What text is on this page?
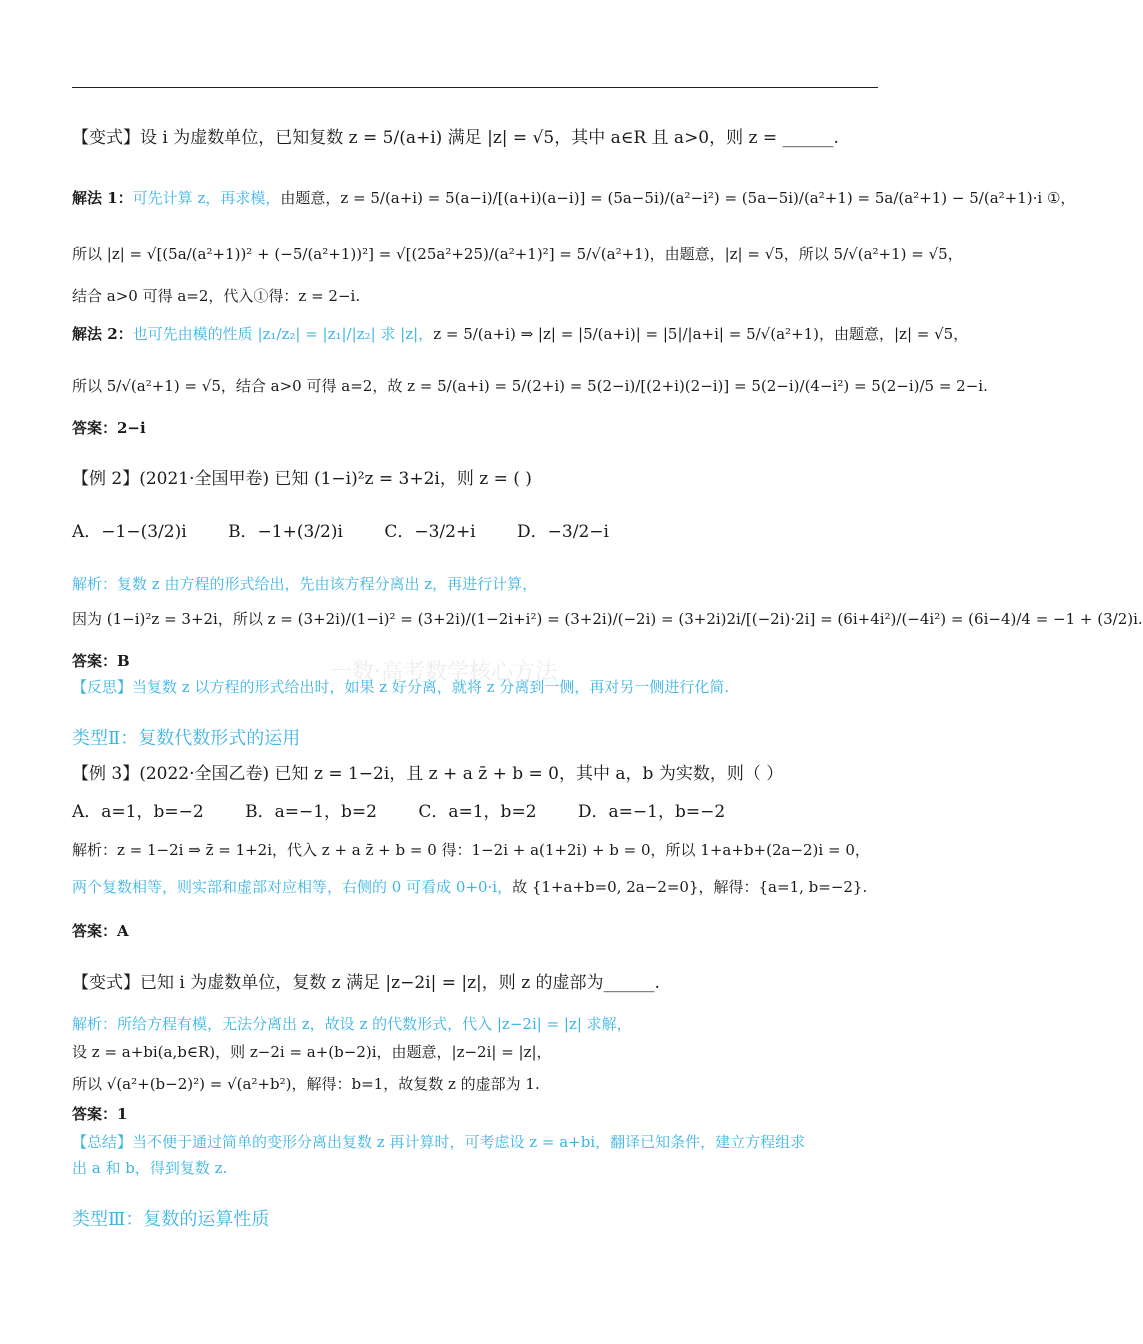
一数·高考数学核心方法
【变式】设 i 为虚数单位，已知复数 z = 5/(a+i) 满足 |z| = √5，其中 a∈R 且 a>0，则 z = ______.
解法 1：可先计算 z，再求模，由题意，z = 5/(a+i) = 5(a−i)/[(a+i)(a−i)] = (5a−5i)/(a²−i²) = (5a−5i)/(a²+1) = 5a/(a²+1) − 5/(a²+1)·i ①，
所以 |z| = √[(5a/(a²+1))² + (−5/(a²+1))²] = √[(25a²+25)/(a²+1)²] = 5/√(a²+1)，由题意，|z| = √5，所以 5/√(a²+1) = √5，
结合 a>0 可得 a=2，代入①得：z = 2−i.
解法 2：也可先由模的性质 |z₁/z₂| = |z₁|/|z₂| 求 |z|，z = 5/(a+i) ⇒ |z| = |5/(a+i)| = |5|/|a+i| = 5/√(a²+1)，由题意，|z| = √5，
所以 5/√(a²+1) = √5，结合 a>0 可得 a=2，故 z = 5/(a+i) = 5/(2+i) = 5(2−i)/[(2+i)(2−i)] = 5(2−i)/(4−i²) = 5(2−i)/5 = 2−i.
答案：2−i
【例 2】(2021·全国甲卷) 已知 (1−i)²z = 3+2i，则 z = ( )
A．−1−(3/2)i B．−1+(3/2)i C．−3/2+i D．−3/2−i
解析：复数 z 由方程的形式给出，先由该方程分离出 z，再进行计算，
因为 (1−i)²z = 3+2i，所以 z = (3+2i)/(1−i)² = (3+2i)/(1−2i+i²) = (3+2i)/(−2i) = (3+2i)2i/[(−2i)·2i] = (6i+4i²)/(−4i²) = (6i−4)/4 = −1 + (3/2)i.
答案：B
【反思】当复数 z 以方程的形式给出时，如果 z 好分离，就将 z 分离到一侧，再对另一侧进行化简.
类型Ⅱ：复数代数形式的运用
【例 3】(2022·全国乙卷) 已知 z = 1−2i，且 z + a z̄ + b = 0，其中 a，b 为实数，则（ ）
A．a=1，b=−2 B．a=−1，b=2 C．a=1，b=2 D．a=−1，b=−2
解析：z = 1−2i ⇒ z̄ = 1+2i，代入 z + a z̄ + b = 0 得：1−2i + a(1+2i) + b = 0，所以 1+a+b+(2a−2)i = 0，
两个复数相等，则实部和虚部对应相等，右侧的 0 可看成 0+0·i，故 {1+a+b=0, 2a−2=0}，解得：{a=1, b=−2}.
答案：A
【变式】已知 i 为虚数单位，复数 z 满足 |z−2i| = |z|，则 z 的虚部为______.
解析：所给方程有模，无法分离出 z，故设 z 的代数形式，代入 |z−2i| = |z| 求解，
设 z = a+bi(a,b∈R)，则 z−2i = a+(b−2)i，由题意，|z−2i| = |z|，
所以 √(a²+(b−2)²) = √(a²+b²)，解得：b=1，故复数 z 的虚部为 1.
答案：1
【总结】当不便于通过简单的变形分离出复数 z 再计算时，可考虑设 z = a+bi，翻译已知条件，建立方程组求
出 a 和 b，得到复数 z.
类型Ⅲ：复数的运算性质
